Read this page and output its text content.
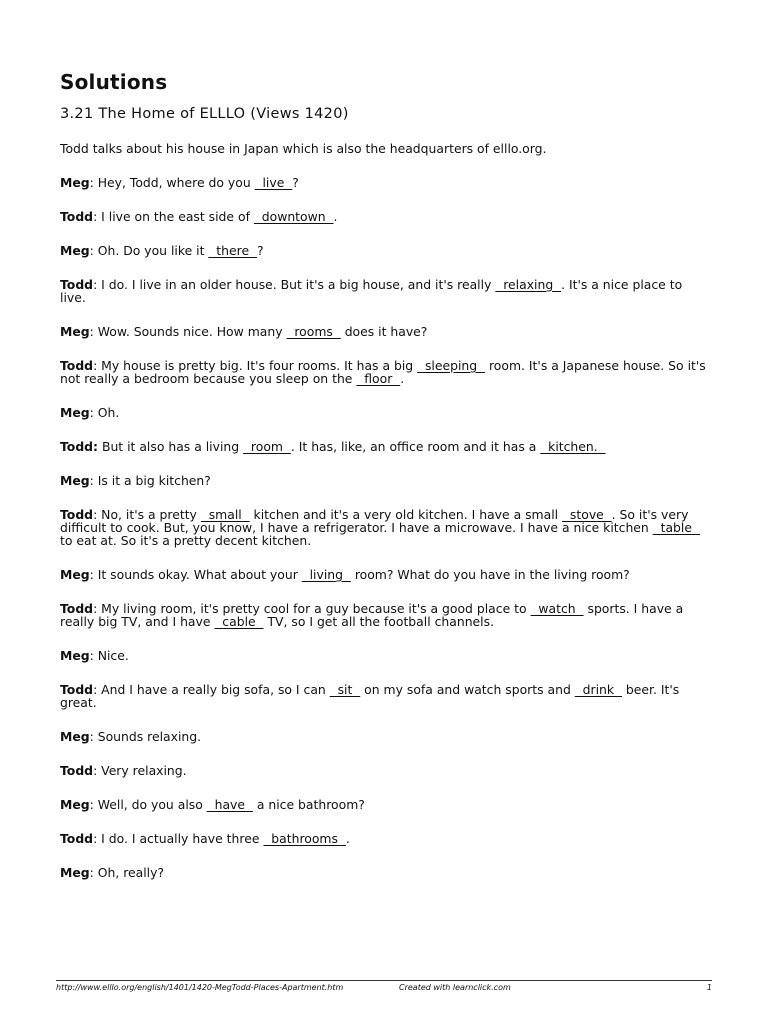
Solutions
3.21 The Home of ELLLO (Views 1420)
Todd talks about his house in Japan which is also the headquarters of elllo.org.
Meg: Hey, Todd, where do you   live  ?
Todd: I live on the east side of   downtown  .
Meg: Oh. Do you like it   there  ?
Todd: I do. I live in an older house. But it's a big house, and it's really   relaxing  . It's a nice place to live.
Meg: Wow. Sounds nice. How many   rooms   does it have?
Todd: My house is pretty big. It's four rooms. It has a big   sleeping   room. It's a Japanese house. So it's not really a bedroom because you sleep on the   floor  .
Meg: Oh.
Todd: But it also has a living   room  . It has, like, an office room and it has a   kitchen.
Meg: Is it a big kitchen?
Todd: No, it's a pretty   small   kitchen and it's a very old kitchen. I have a small   stove  . So it's very difficult to cook. But, you know, I have a refrigerator. I have a microwave. I have a nice kitchen   table   to eat at. So it's a pretty decent kitchen.
Meg: It sounds okay. What about your   living   room? What do you have in the living room?
Todd: My living room, it's pretty cool for a guy because it's a good place to   watch   sports. I have a really big TV, and I have   cable   TV, so I get all the football channels.
Meg: Nice.
Todd: And I have a really big sofa, so I can   sit   on my sofa and watch sports and   drink   beer. It's great.
Meg: Sounds relaxing.
Todd: Very relaxing.
Meg: Well, do you also   have   a nice bathroom?
Todd: I do. I actually have three   bathrooms  .
Meg: Oh, really?
http://www.elllo.org/english/1401/1420-MegTodd-Places-Apartment.htm	Created with learnclick.com	1
